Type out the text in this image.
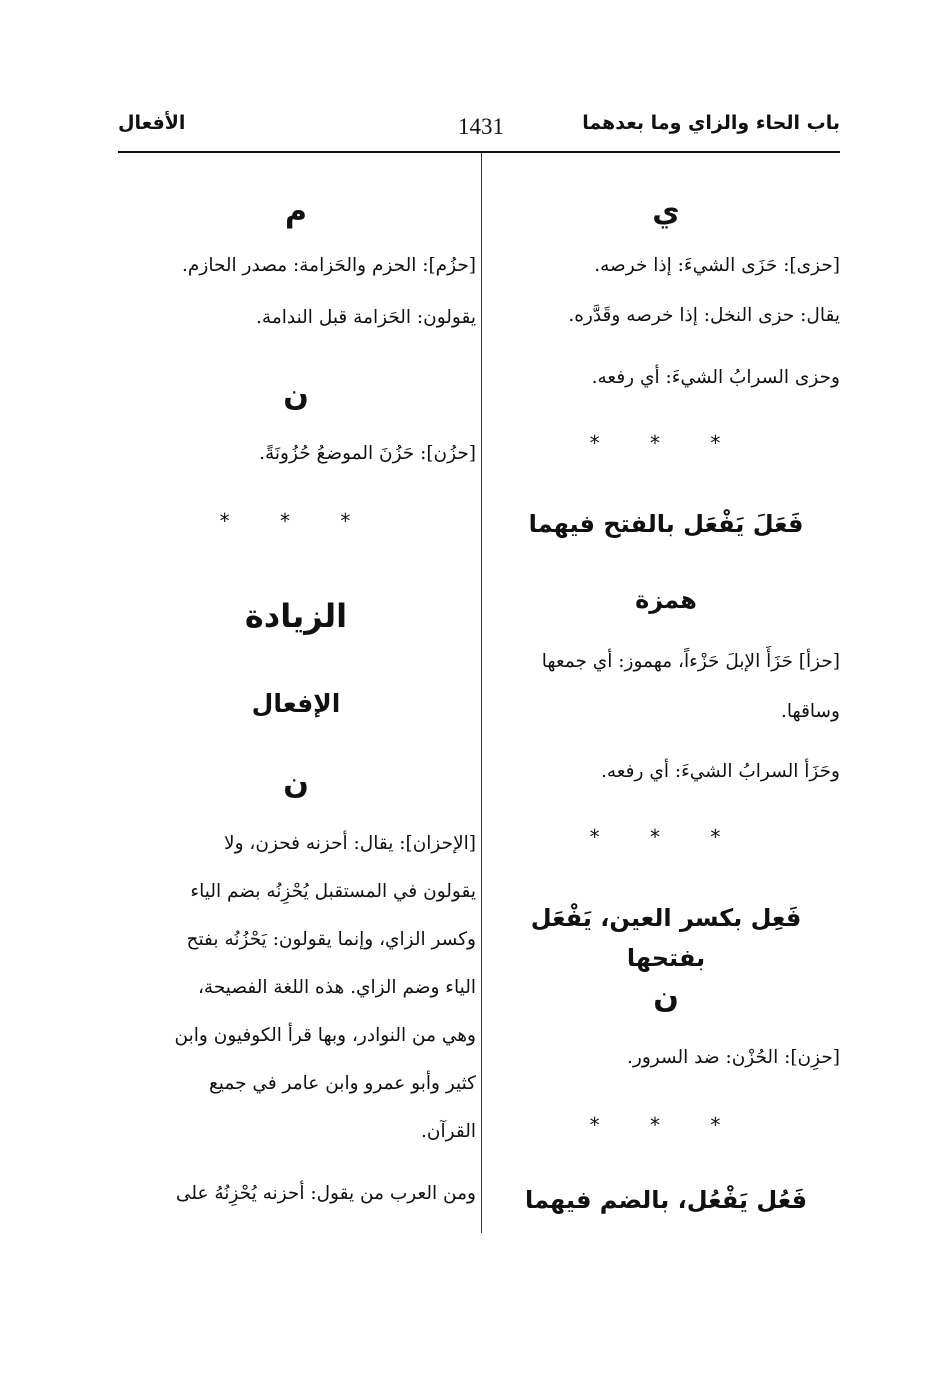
باب الحاء والزاي وما بعدهما
1431
الأفعال
ي

[حزى]: حَزَى الشيءَ: إذا خرصه.

يقال: حزى النخل: إذا خرصه وقَدَّره.

وحزى السرابُ الشيءَ: أي رفعه.

* * *
فَعَلَ يَفْعَل بالفتح فيهما
همزة

[حزأ] حَزَأَ الإبلَ حَزْءاً، مهموز: أي جمعها

وساقها.

وحَزَأ السرابُ الشيءَ: أي رفعه.

* * *
فَعِل بكسر العين، يَفْعَل بفتحها
ن

[حزِن]: الحُزْن: ضد السرور.

* * *
فَعُل يَفْعُل، بالضم فيهما
م

[حزُم]: الحزم والحَزامة: مصدر الحازم.

يقولون: الحَزامة قبل الندامة.

ن

[حزُن]: حَزُنَ الموضعُ حُزُونَةً.

* * *
الزيادة
الإفعال
ن

[الإحزان]: يقال: أحزنه فحزن، ولا

يقولون في المستقبل يُحْزِنُه بضم الياء

وكسر الزاي، وإنما يقولون: يَحْزُنُه بفتح

الياء وضم الزاي. هذه اللغة الفصيحة،

وهي من النوادر، وبها قرأ الكوفيون وابن

كثير وأبو عمرو وابن عامر في جميع

القرآن.

ومن العرب من يقول: أحزنه يُحْزِنُهُ على
